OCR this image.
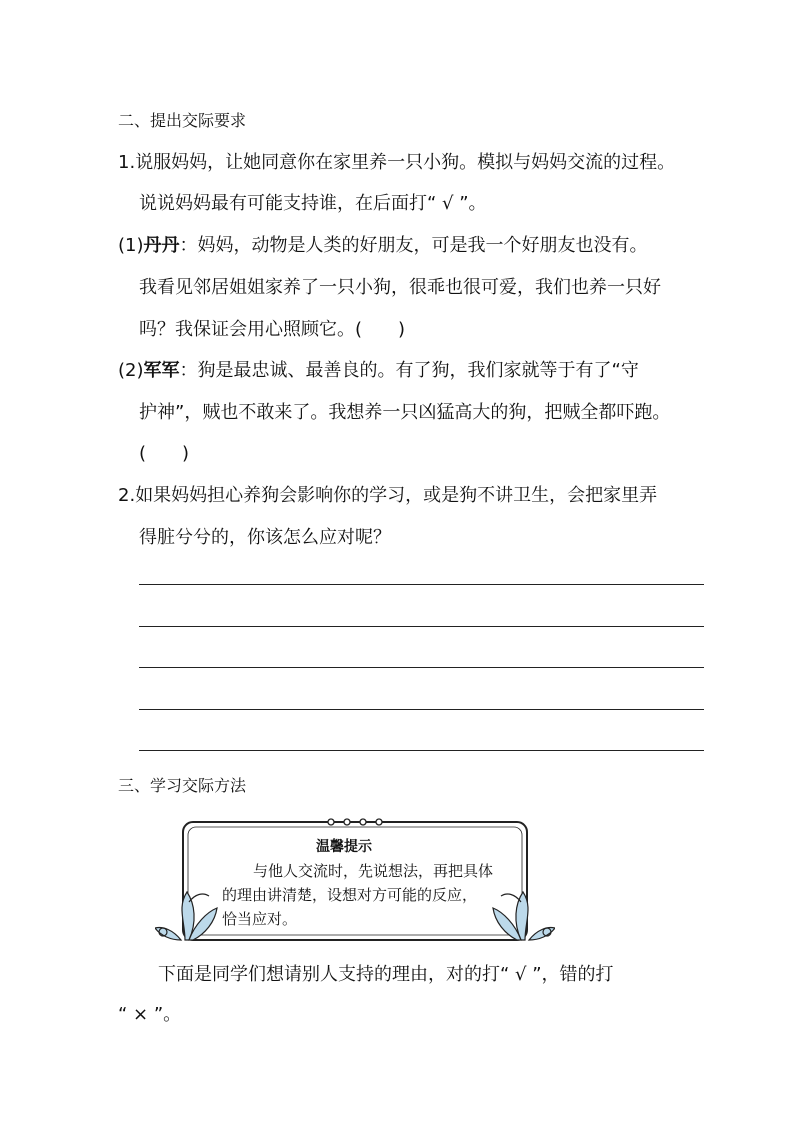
二、提出交际要求
1.说服妈妈，让她同意你在家里养一只小狗。模拟与妈妈交流的过程。
说说妈妈最有可能支持谁，在后面打“ √ ”。
(1)丹丹：妈妈，动物是人类的好朋友，可是我一个好朋友也没有。
我看见邻居姐姐家养了一只小狗，很乖也很可爱，我们也养一只好
吗？我保证会用心照顾它。(　　)
(2)军军：狗是最忠诚、最善良的。有了狗，我们家就等于有了“守
护神”，贼也不敢来了。我想养一只凶猛高大的狗，把贼全都吓跑。
(　　)
2.如果妈妈担心养狗会影响你的学习，或是狗不讲卫生，会把家里弄
得脏兮兮的，你该怎么应对呢？
三、学习交际方法
温馨提示
与他人交流时，先说想法，再把具体
的理由讲清楚，设想对方可能的反应，
恰当应对。
下面是同学们想请别人支持的理由，对的打“ √ ”，错的打
“ × ”。
